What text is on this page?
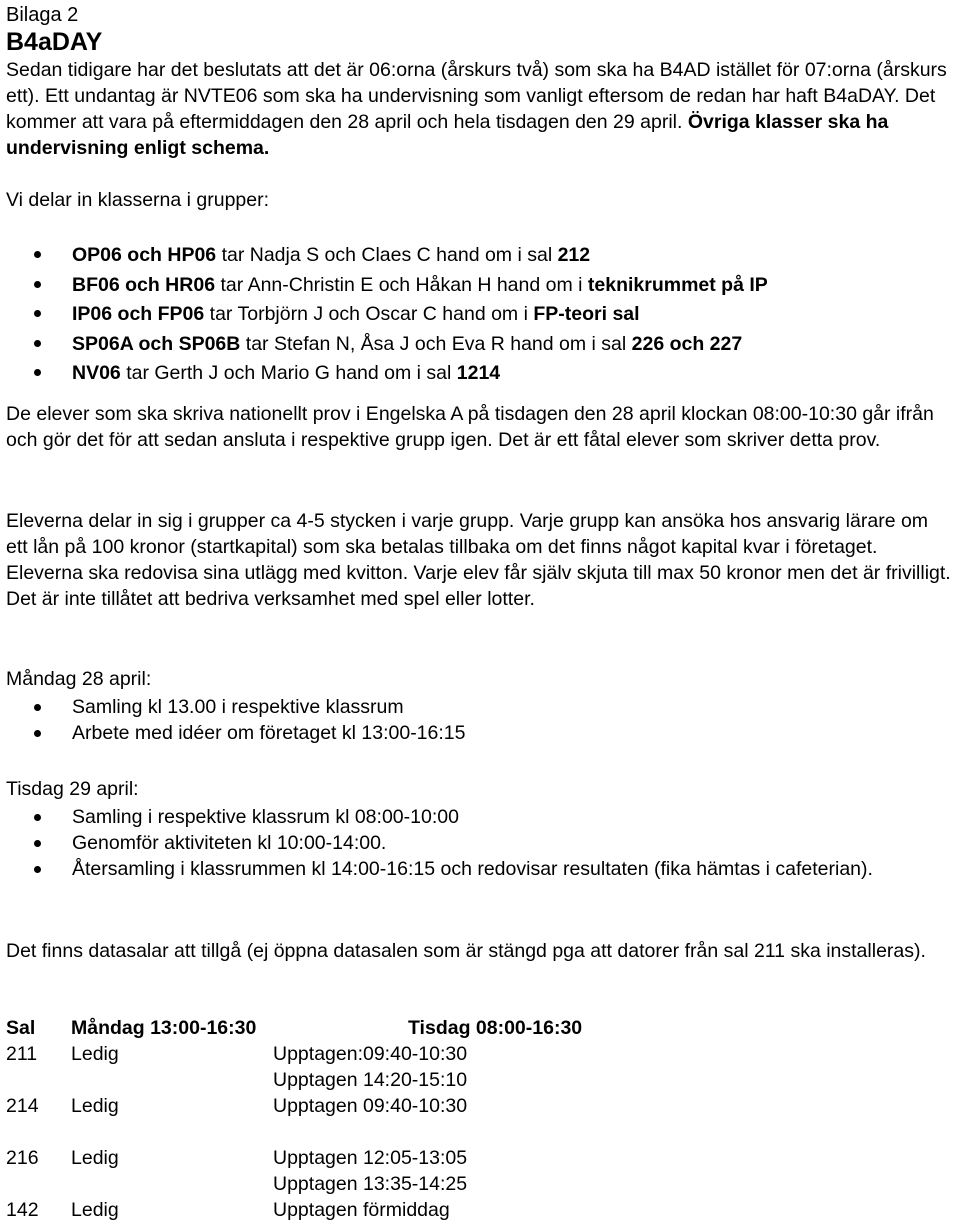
Bilaga 2
B4aDAY

Sedan tidigare har det beslutats att det är 06:orna (årskurs två) som ska ha B4AD istället för 07:orna (årskurs ett). Ett undantag är NVTE06 som ska ha undervisning som vanligt eftersom de redan har haft B4aDAY. Det kommer att vara på eftermiddagen den 28 april och hela tisdagen den 29 april. Övriga klasser ska ha undervisning enligt schema.

Vi delar in klasserna i grupper:

OP06 och HP06 tar Nadja S och Claes C hand om i sal 212
BF06 och HR06 tar Ann-Christin E och Håkan H hand om i teknikrummet på IP
IP06 och FP06 tar Torbjörn J och Oscar C hand om i FP-teori sal
SP06A och SP06B tar Stefan N, Åsa J och Eva R hand om i sal 226 och 227
NV06 tar Gerth J och Mario G hand om i sal 1214

De elever som ska skriva nationellt prov i Engelska A på tisdagen den 28 april klockan 08:00-10:30 går ifrån och gör det för att sedan ansluta i respektive grupp igen. Det är ett fåtal elever som skriver detta prov.

Eleverna delar in sig i grupper ca 4-5 stycken i varje grupp. Varje grupp kan ansöka hos ansvarig lärare om ett lån på 100 kronor (startkapital) som ska betalas tillbaka om det finns något kapital kvar i företaget. Eleverna ska redovisa sina utlägg med kvitton. Varje elev får själv skjuta till max 50 kronor men det är frivilligt. Det är inte tillåtet att bedriva verksamhet med spel eller lotter.

Måndag 28 april:

Samling kl 13.00 i respektive klassrum
Arbete med idéer om företaget kl 13:00-16:15

Tisdag 29 april:

Samling i respektive klassrum kl 08:00-10:00
Genomför aktiviteten kl 10:00-14:00.
Återsamling i klassrummen kl 14:00-16:15 och redovisar resultaten (fika hämtas i cafeterian).

Det finns datasalar att tillgå (ej öppna datasalen som är stängd pga att datorer från sal 211 ska installeras).

Sal Måndag 13:00-16:30	Tisdag 08:00-16:30
211 Ledig	Upptagen:09:40-10:30
Upptagen 14:20-15:10
214 Ledig	Upptagen 09:40-10:30
216 Ledig	Upptagen 12:05-13:05
Upptagen 13:35-14:25
142 Ledig	Upptagen förmiddag
